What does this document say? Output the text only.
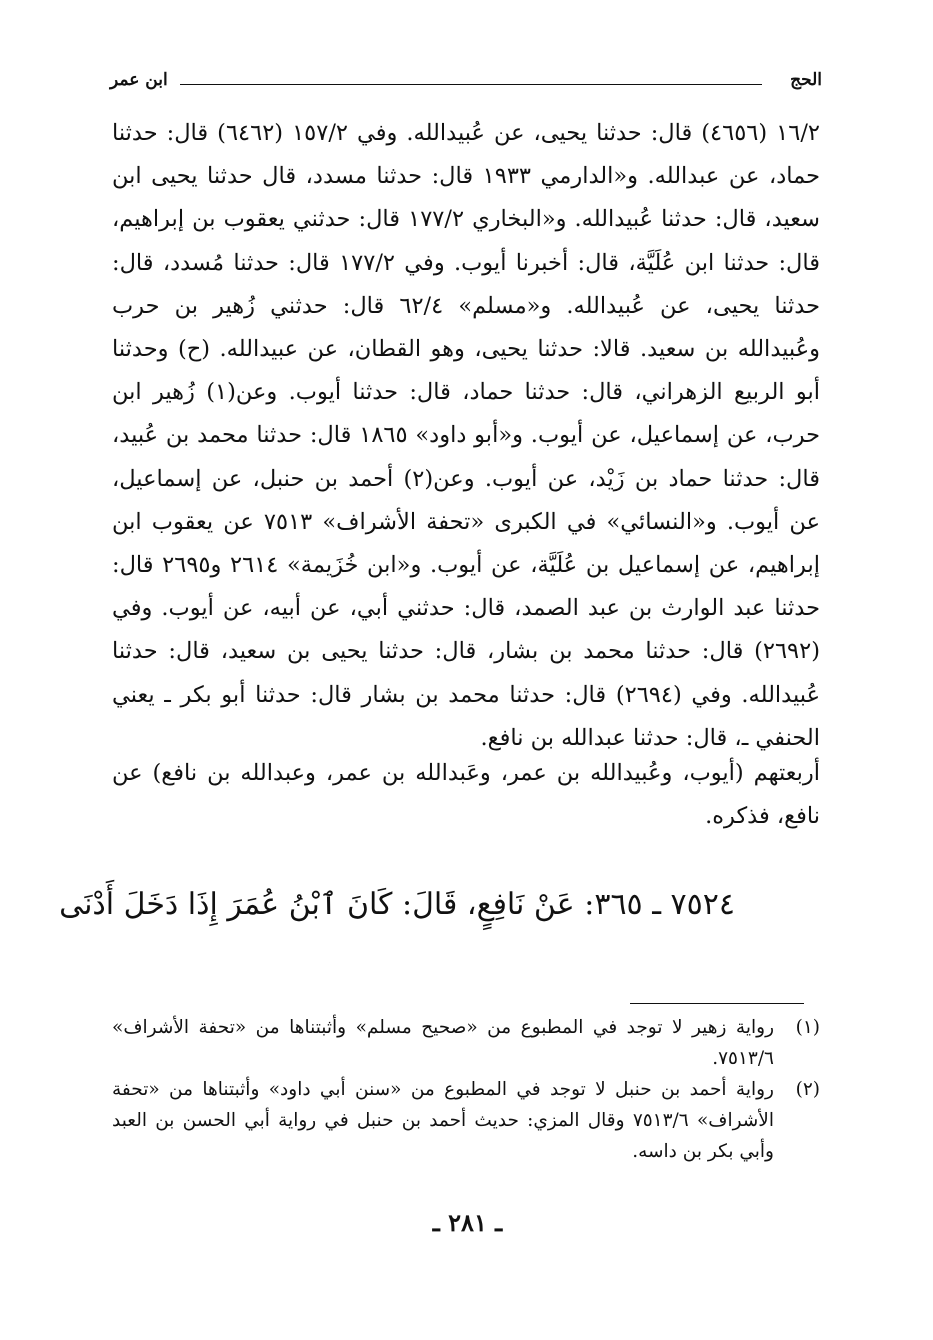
الحج
ابن عمر
١٦/٢ (٤٦٥٦) قال: حدثنا يحيى، عن عُبيدالله. وفي ١٥٧/٢ (٦٤٦٢) قال: حدثنا حماد، عن عبدالله. و«الدارمي ١٩٣٣ قال: حدثنا مسدد، قال حدثنا يحيى ابن سعيد، قال: حدثنا عُبيدالله. و«البخاري ١٧٧/٢ قال: حدثني يعقوب بن إبراهيم، قال: حدثنا ابن عُلَيَّة، قال: أخبرنا أيوب. وفي ١٧٧/٢ قال: حدثنا مُسدد، قال: حدثنا يحيى، عن عُبيدالله. و«مسلم» ٦٢/٤ قال: حدثني زُهير بن حرب وعُبيدالله بن سعيد. قالا: حدثنا يحيى، وهو القطان، عن عبيدالله. (ح) وحدثنا أبو الربيع الزهراني، قال: حدثنا حماد، قال: حدثنا أيوب. وعن(١) زُهير ابن حرب، عن إسماعيل، عن أيوب. و«أبو داود» ١٨٦٥ قال: حدثنا محمد بن عُبيد، قال: حدثنا حماد بن زَيْد، عن أيوب. وعن(٢) أحمد بن حنبل، عن إسماعيل، عن أيوب. و«النسائي» في الكبرى «تحفة الأشراف» ٧٥١٣ عن يعقوب ابن إبراهيم، عن إسماعيل بن عُلَيَّة، عن أيوب. و«ابن خُزَيمة» ٢٦١٤ و٢٦٩٥ قال: حدثنا عبد الوارث بن عبد الصمد، قال: حدثني أبي، عن أبيه، عن أيوب. وفي (٢٦٩٢) قال: حدثنا محمد بن بشار، قال: حدثنا يحيى بن سعيد، قال: حدثنا عُبيدالله. وفي (٢٦٩٤) قال: حدثنا محمد بن بشار قال: حدثنا أبو بكر ـ يعني الحنفي ـ، قال: حدثنا عبدالله بن نافع.
أربعتهم (أيوب، وعُبيدالله بن عمر، وعَبدالله بن عمر، وعبدالله بن نافع) عن نافع، فذكره.
٧٥٢٤ ـ ٣٦٥: عَنْ نَافِعٍ، قَالَ: كَانَ ٱبْنُ عُمَرَ إِذَا دَخَلَ أَدْنَى
(١)
رواية زهير لا توجد في المطبوع من «صحيح مسلم» وأثبتناها من «تحفة الأشراف» ٧٥١٣/٦.
(٢)
رواية أحمد بن حنبل لا توجد في المطبوع من «سنن أبي داود» وأثبتناها من «تحفة الأشراف» ٧٥١٣/٦ وقال المزي: حديث أحمد بن حنبل في رواية أبي الحسن بن العبد وأبي بكر بن داسه.
ـ ٢٨١ ـ
